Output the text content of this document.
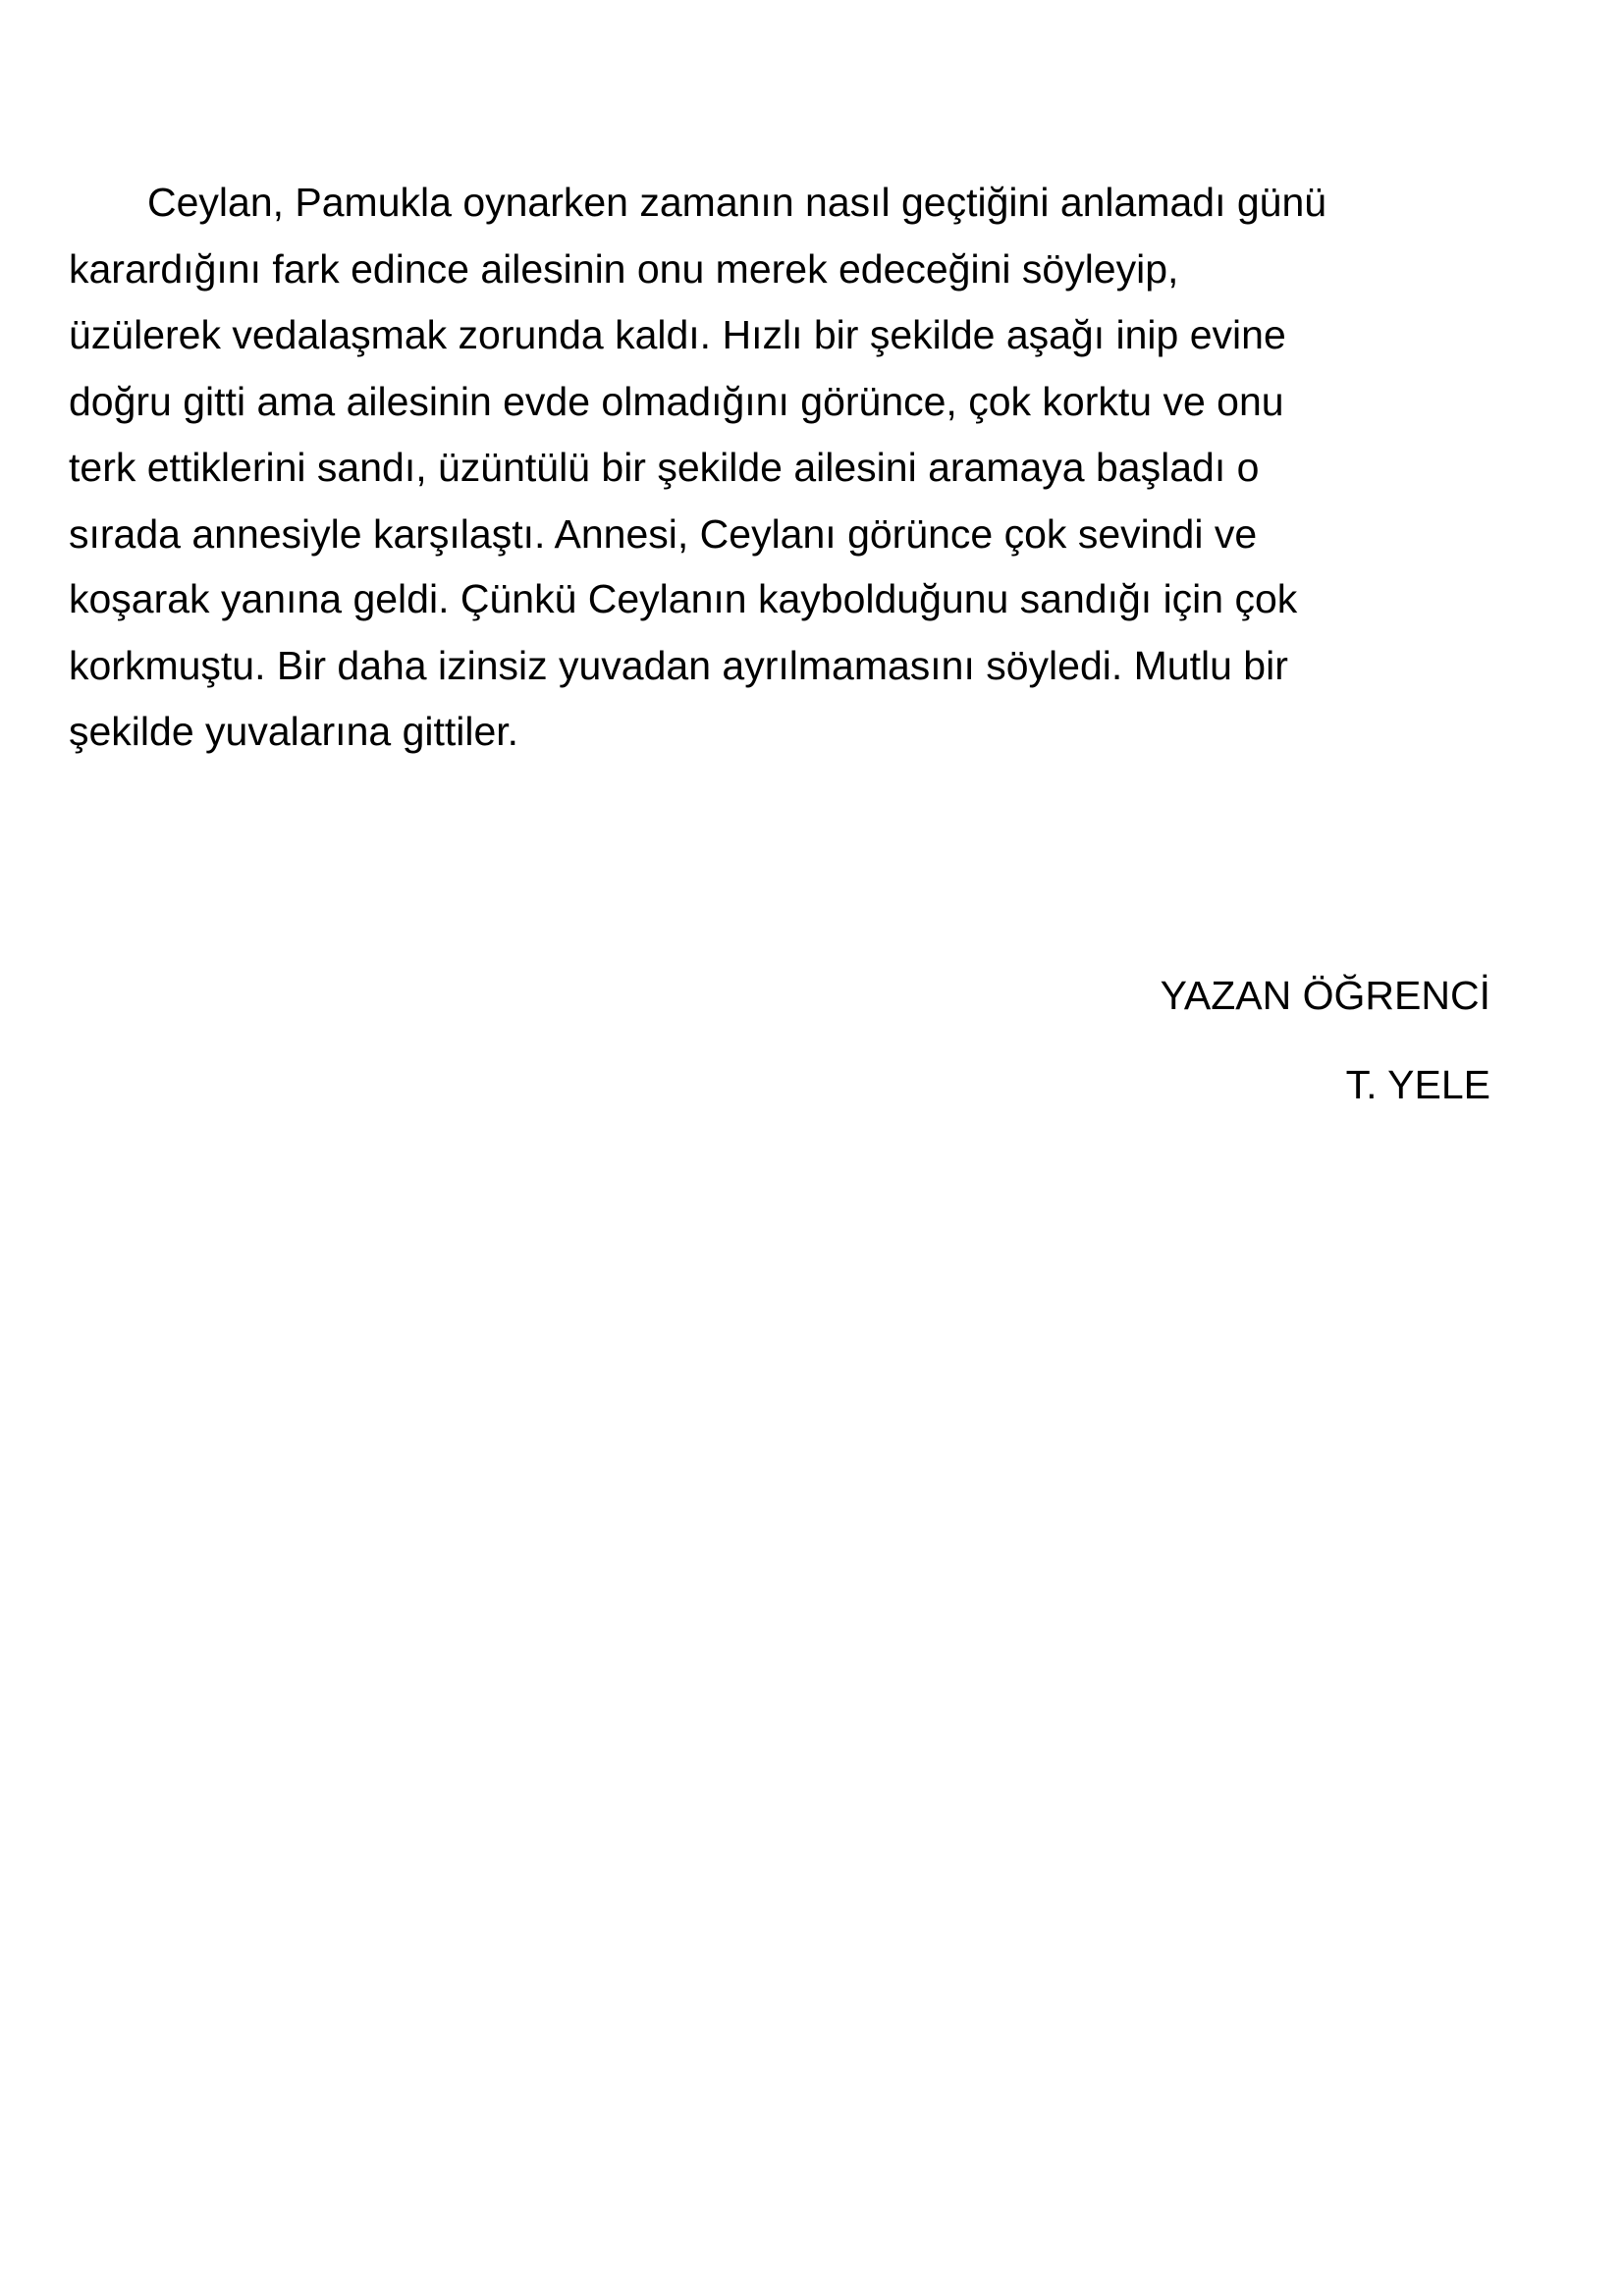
Ceylan, Pamukla oynarken zamanın nasıl geçtiğini anlamadı günü
karardığını fark edince ailesinin onu merek edeceğini söyleyip,
üzülerek vedalaşmak zorunda kaldı. Hızlı bir şekilde aşağı inip evine
doğru gitti ama ailesinin evde olmadığını görünce, çok korktu ve onu
terk ettiklerini sandı, üzüntülü bir şekilde ailesini aramaya başladı o
sırada annesiyle karşılaştı. Annesi, Ceylanı görünce çok sevindi ve
koşarak yanına geldi. Çünkü Ceylanın kaybolduğunu sandığı için çok
korkmuştu. Bir daha izinsiz yuvadan ayrılmamasını söyledi. Mutlu bir
şekilde yuvalarına gittiler.
YAZAN ÖĞRENCİ
T. YELE
